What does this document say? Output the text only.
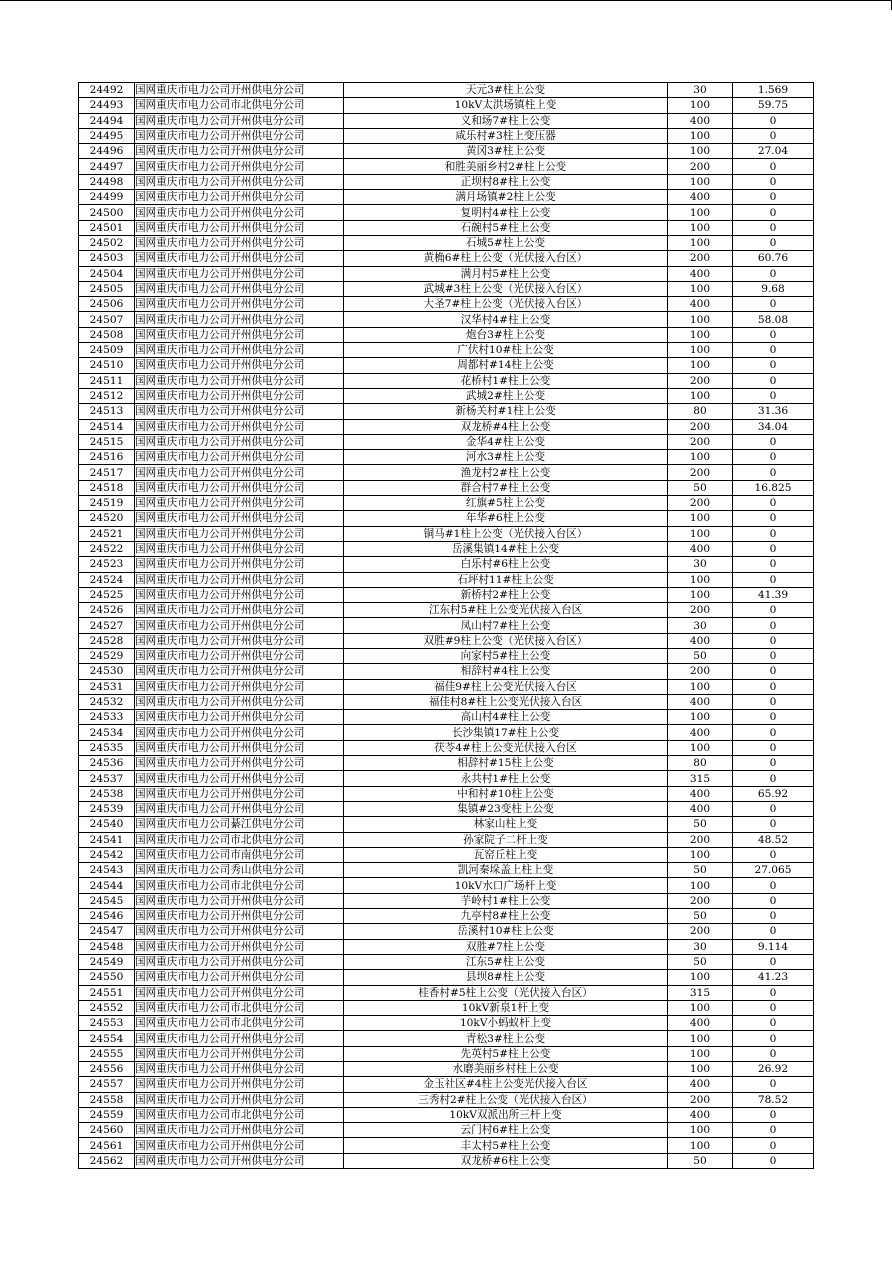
24492	国网重庆市电力公司开州供电分公司	天元3#柱上公变	30	1.569
24493	国网重庆市电力公司市北供电分公司	10kV太洪场镇柱上变	100	59.75
24494	国网重庆市电力公司开州供电分公司	义和场7#柱上公变	400	0
24495	国网重庆市电力公司开州供电分公司	咸乐村#3柱上变压器	100	0
24496	国网重庆市电力公司开州供电分公司	黄冈3#柱上公变	100	27.04
24497	国网重庆市电力公司开州供电分公司	和胜美丽乡村2#柱上公变	200	0
24498	国网重庆市电力公司开州供电分公司	正坝村8#柱上公变	100	0
24499	国网重庆市电力公司开州供电分公司	满月场镇#2柱上公变	400	0
24500	国网重庆市电力公司开州供电分公司	复明村4#柱上公变	100	0
24501	国网重庆市电力公司开州供电分公司	石碗村5#柱上公变	100	0
24502	国网重庆市电力公司开州供电分公司	石城5#柱上公变	100	0
24503	国网重庆市电力公司开州供电分公司	黄桷6#柱上公变（光伏接入台区）	200	60.76
24504	国网重庆市电力公司开州供电分公司	满月村5#柱上公变	400	0
24505	国网重庆市电力公司开州供电分公司	武城#3柱上公变（光伏接入台区）	100	9.68
24506	国网重庆市电力公司开州供电分公司	大圣7#柱上公变（光伏接入台区）	400	0
24507	国网重庆市电力公司开州供电分公司	汉华村4#柱上公变	100	58.08
24508	国网重庆市电力公司开州供电分公司	炮台3#柱上公变	100	0
24509	国网重庆市电力公司开州供电分公司	广伏村10#柱上公变	100	0
24510	国网重庆市电力公司开州供电分公司	周都村#14柱上公变	100	0
24511	国网重庆市电力公司开州供电分公司	花桥村1#柱上公变	200	0
24512	国网重庆市电力公司开州供电分公司	武城2#柱上公变	100	0
24513	国网重庆市电力公司开州供电分公司	新杨关村#1柱上公变	80	31.36
24514	国网重庆市电力公司开州供电分公司	双龙桥#4柱上公变	200	34.04
24515	国网重庆市电力公司开州供电分公司	金华4#柱上公变	200	0
24516	国网重庆市电力公司开州供电分公司	河水3#柱上公变	100	0
24517	国网重庆市电力公司开州供电分公司	渔龙村2#柱上公变	200	0
24518	国网重庆市电力公司开州供电分公司	群合村7#柱上公变	50	16.825
24519	国网重庆市电力公司开州供电分公司	红旗#5柱上公变	200	0
24520	国网重庆市电力公司开州供电分公司	年华#6柱上公变	100	0
24521	国网重庆市电力公司开州供电分公司	铜马#1柱上公变（光伏接入台区）	100	0
24522	国网重庆市电力公司开州供电分公司	岳溪集镇14#柱上公变	400	0
24523	国网重庆市电力公司开州供电分公司	白乐村#6柱上公变	30	0
24524	国网重庆市电力公司开州供电分公司	石坪村11#柱上公变	100	0
24525	国网重庆市电力公司开州供电分公司	新桥村2#柱上公变	100	41.39
24526	国网重庆市电力公司开州供电分公司	江东村5#柱上公变光伏接入台区	200	0
24527	国网重庆市电力公司开州供电分公司	凤山村7#柱上公变	30	0
24528	国网重庆市电力公司开州供电分公司	双胜#9柱上公变（光伏接入台区）	400	0
24529	国网重庆市电力公司开州供电分公司	向家村5#柱上公变	50	0
24530	国网重庆市电力公司开州供电分公司	相辞村#4柱上公变	200	0
24531	国网重庆市电力公司开州供电分公司	福佳9#柱上公变光伏接入台区	100	0
24532	国网重庆市电力公司开州供电分公司	福佳村8#柱上公变光伏接入台区	400	0
24533	国网重庆市电力公司开州供电分公司	高山村4#柱上公变	100	0
24534	国网重庆市电力公司开州供电分公司	长沙集镇17#柱上公变	400	0
24535	国网重庆市电力公司开州供电分公司	茯苓4#柱上公变光伏接入台区	100	0
24536	国网重庆市电力公司开州供电分公司	相辞村#15柱上公变	80	0
24537	国网重庆市电力公司开州供电分公司	永共村1#柱上公变	315	0
24538	国网重庆市电力公司开州供电分公司	中和村#10柱上公变	400	65.92
24539	国网重庆市电力公司开州供电分公司	集镇#23变柱上公变	400	0
24540	国网重庆市电力公司綦江供电分公司	林家山柱上变	50	0
24541	国网重庆市电力公司市北供电分公司	孙家院子二杆上变	200	48.52
24542	国网重庆市电力公司市南供电分公司	瓦窑丘柱上变	100	0
24543	国网重庆市电力公司秀山供电分公司	凯河秦垛盖上柱上变	50	27.065
24544	国网重庆市电力公司市北供电分公司	10kV水口广场杆上变	100	0
24545	国网重庆市电力公司开州供电分公司	芋岭村1#柱上公变	200	0
24546	国网重庆市电力公司开州供电分公司	九亭村8#柱上公变	50	0
24547	国网重庆市电力公司开州供电分公司	岳溪村10#柱上公变	200	0
24548	国网重庆市电力公司开州供电分公司	双胜#7柱上公变	30	9.114
24549	国网重庆市电力公司开州供电分公司	江东5#柱上公变	50	0
24550	国网重庆市电力公司开州供电分公司	县坝8#柱上公变	100	41.23
24551	国网重庆市电力公司开州供电分公司	桂香村#5柱上公变（光伏接入台区）	315	0
24552	国网重庆市电力公司市北供电分公司	10kV新泉1杆上变	100	0
24553	国网重庆市电力公司市北供电分公司	10kV小蚂蚁杆上变	400	0
24554	国网重庆市电力公司开州供电分公司	青松3#柱上公变	100	0
24555	国网重庆市电力公司开州供电分公司	先英村5#柱上公变	100	0
24556	国网重庆市电力公司开州供电分公司	水磨美丽乡村柱上公变	100	26.92
24557	国网重庆市电力公司开州供电分公司	金玉社区#4柱上公变光伏接入台区	400	0
24558	国网重庆市电力公司开州供电分公司	三秀村2#柱上公变（光伏接入台区）	200	78.52
24559	国网重庆市电力公司市北供电分公司	10kV双派出所三杆上变	400	0
24560	国网重庆市电力公司开州供电分公司	云门村6#柱上公变	100	0
24561	国网重庆市电力公司开州供电分公司	丰太村5#柱上公变	100	0
24562	国网重庆市电力公司开州供电分公司	双龙桥#6柱上公变	50	0
